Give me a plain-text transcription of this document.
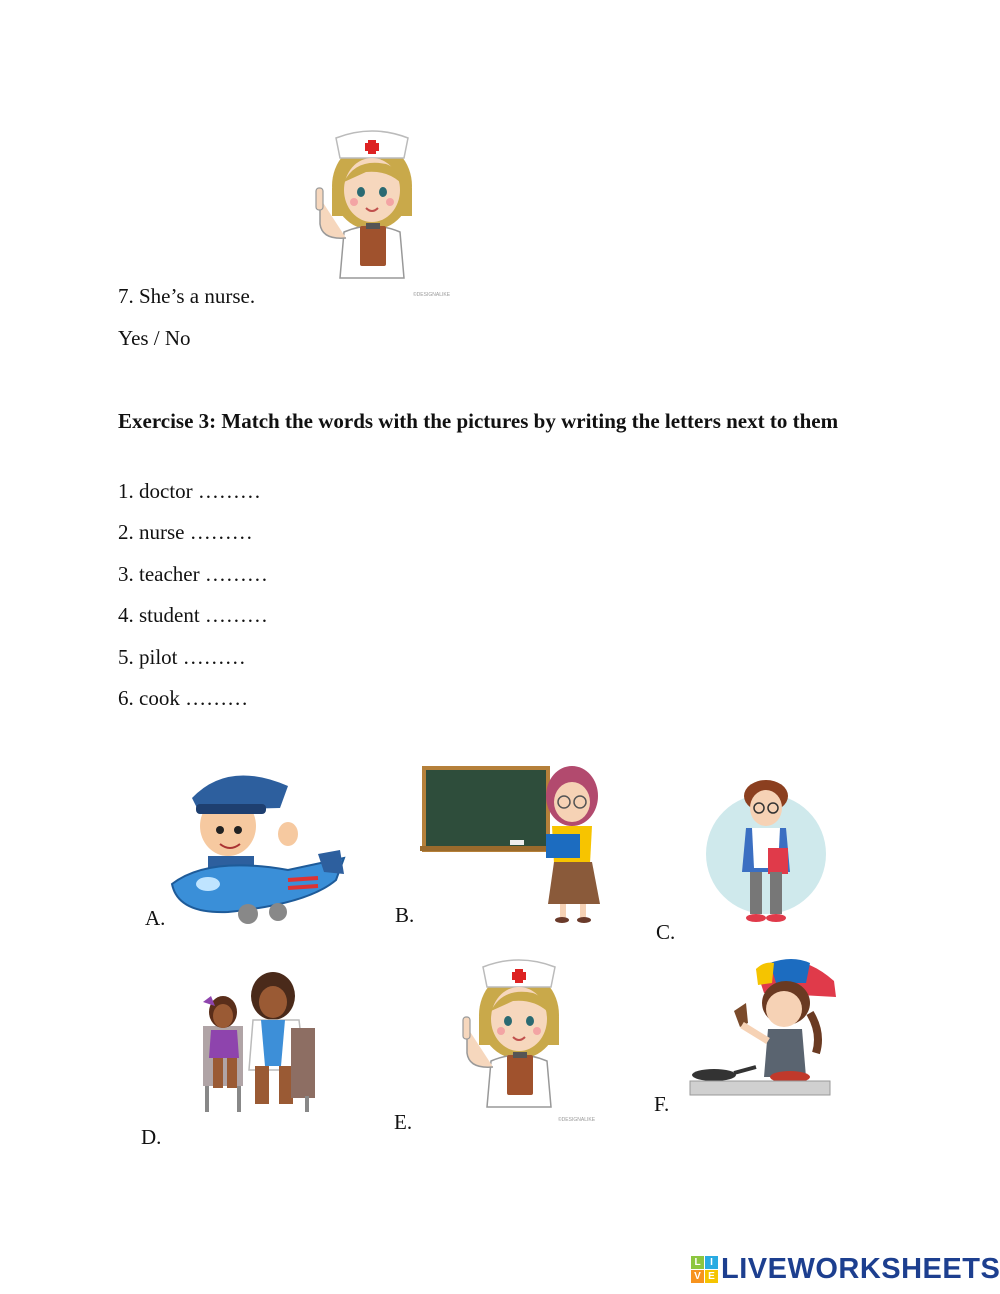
7. She’s a nurse.	©DESIGNALIKE
Yes / No
Exercise 3: Match the words with the pictures by writing the letters next to them
1. doctor ………
2. nurse ………
3. teacher ………
4. student ………
5. pilot ………
6. cook ………
A.	B.
C.
D.
©DESIGNALIKE
E.
F.
L I
V E LIVEWORKSHEETS
